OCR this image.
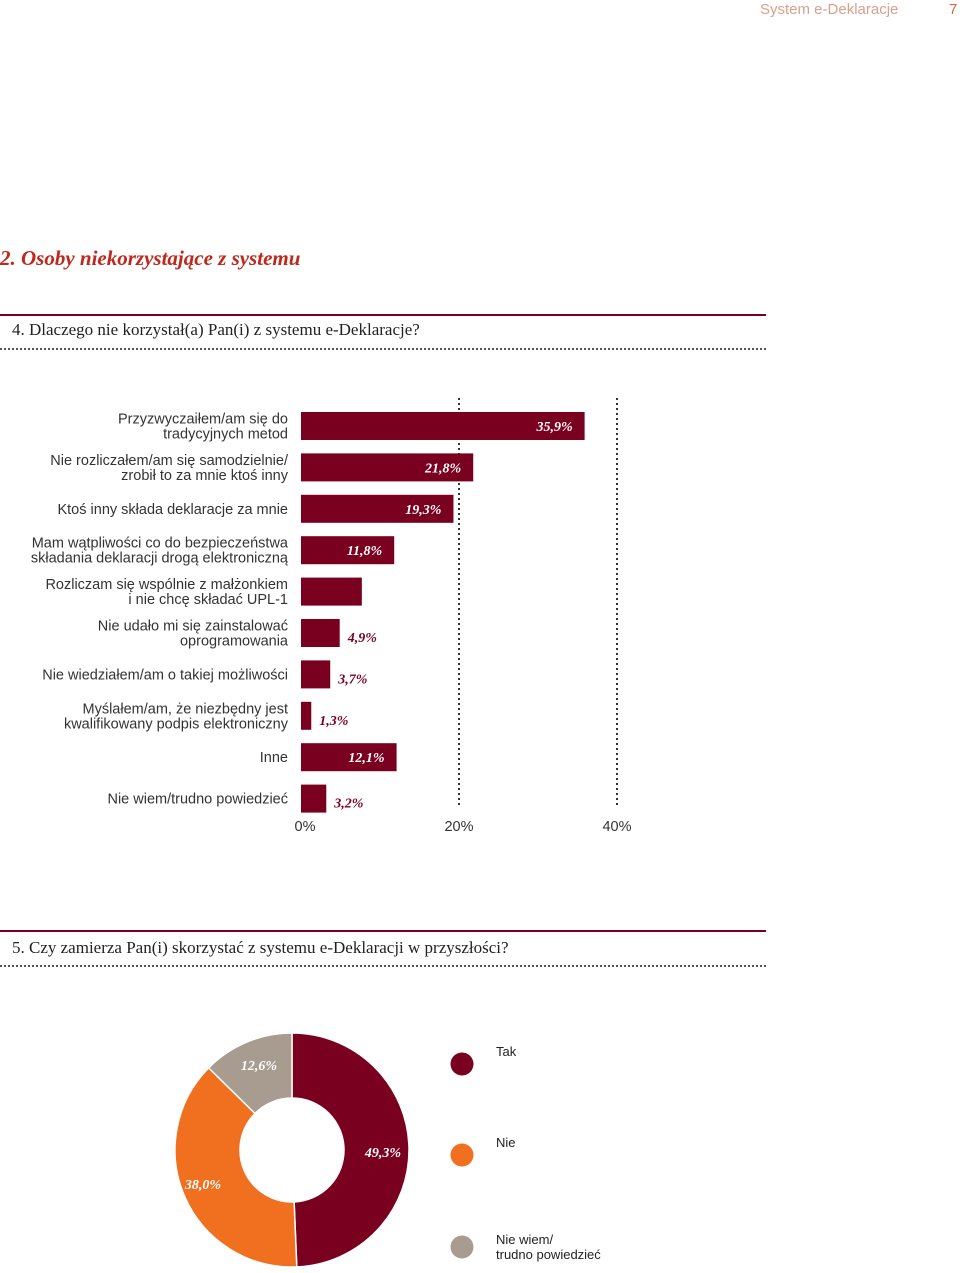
System e-Deklaracje	7
2. Osoby niekorzystające z systemu
4. Dlaczego nie korzystał(a) Pan(i) z systemu e-Deklaracje?
Przyzwyczaiłem/am się do tradycyjnych metod	35,9%
Nie rozliczałem/am się samodzielnie/ zrobił to za mnie ktoś inny	21,8%
Ktoś inny składa deklaracje za mnie	19,3%
Mam wątpliwości co do bezpieczeństwa składania deklaracji drogą elektroniczną	11,8%
Rozliczam się wspólnie z małżonkiem i nie chcę składać UPL-1	7,7%
Nie udało mi się zainstalować oprogramowania	4,9%
Nie wiedziałem/am o takiej możliwości	3,7%
Myślałem/am, że niezbędny jest kwalifikowany podpis elektroniczny 1,3%
Inne	12,1%
Nie wiem/trudno powiedzieć	3,2%
0%	20%	40%
5. Czy zamierza Pan(i) skorzystać z systemu e-Deklaracji w przyszłości?
49,3%
38,0%
12,6%
Tak
Nie
Nie wiem/ trudno powiedzieć
